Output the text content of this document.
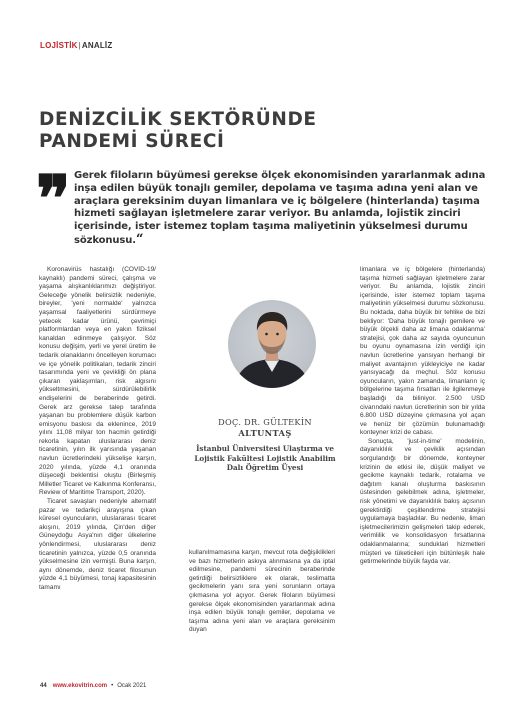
LOJİSTİK|ANALİZ
DENİZCİLİK SEKTÖRÜNDE
PANDEMİ SÜRECİ
❞ Gerek filoların büyümesi gerekse ölçek ekonomisinden yararlanmak adına inşa edilen büyük tonajlı gemiler, depolama ve taşıma adına yeni alan ve araçlara gereksinim duyan limanlara ve iç bölgelere (hinterlanda) taşıma hizmeti sağlayan işletmelere zarar veriyor. Bu anlamda, lojistik zinciri içerisinde, ister istemez toplam taşıma maliyetinin yükselmesi durumu sözkonusu.“

Koronavirüs hastalığı (COVID-19/ kaynaklı) pandemi süreci, çalışma ve yaşama alışkanlıklarımızı değiştiriyor. Geleceğe yönelik belirsizlik nedeniyle, bireyler, 'yeni normalde' yalnızca yaşamsal faaliyetlerini sürdürmeye yetecek kadar ürünü, çevrimiçi platformlardan veya en yakın fiziksel kanaldan edinmeye çalışıyor. Söz konusu değişim, yerli ve yerel üretim ile tedarik olanaklarını öncelleyen korumacı ve içe yönelik politikaları, tedarik zinciri tasarımında yeni ve çevikliği ön plana çıkaran yaklaşımları, risk algısını yükseltmesini, sürdürülebilirlik endişelerini de beraberinde getirdi. Gerek arz gerekse talep tarafında yaşanan bu problemlere düşük karbon emisyonu baskısı da eklenince, 2019 yılını 11,08 milyar ton hacmin getirdiği rekorla kapatan uluslararası deniz ticaretinin, yılın ilk yarısında yaşanan navlun ücretlerindeki yükselişe karşın, 2020 yılında, yüzde 4,1 oranında düşeceği beklentisi oluştu (Birleşmiş Milletler Ticaret ve Kalkınma Konferansı, Review of Maritime Transport, 2020).

Ticaret savaşları nedeniyle alternatif pazar ve tedarikçi arayışına çıkan küresel oyuncuların, uluslararası ticaret akışını, 2019 yılında, Çin'den diğer Güneydoğu Asya'nın diğer ülkelerine yönlendirmesi, uluslararası deniz ticaretinin yalnızca, yüzde 0,5 oranında yükselmesine izin vermişti. Buna karşın, aynı dönemde, deniz ticaret filosunun yüzde 4,1 büyümesi, tonaj kapasitesinin tamamı

DOÇ. DR. GÜLTEKİN
ALTUNTAŞ
İstanbul Üniversitesi Ulaştırma ve Lojistik Fakültesi Lojistik Anabilim Dalı Öğretim Üyesi

kullanılmamasına karşın, mevcut rota değişiklikleri ve bazı hizmetlerin askıya alınmasına ya da iptal edilmesine, pandemi sürecinin beraberinde getirdiği belirsizliklere ek olarak, teslimatta gecikmelerin yanı sıra yeni sorunların ortaya çıkmasına yol açıyor. Gerek filoların büyümesi gerekse ölçek ekonomisinden yararlanmak adına inşa edilen büyük tonajlı gemiler, depolama ve taşıma adına yeni alan ve araçlara gereksinim duyan

limanlara ve iç bölgelere (hinterlanda) taşıma hizmeti sağlayan işletmelere zarar veriyor. Bu anlamda, lojistik zinciri içerisinde, ister istemez toplam taşıma maliyetinin yükselmesi durumu sözkonusu. Bu noktada, daha büyük bir tehlike de bizi bekliyor: 'Daha büyük tonajlı gemilere ve büyük ölçekli daha az limana odaklanma' stratejisi, çok daha az sayıda oyuncunun bu oyunu oynamasına izin verdiği için navlun ücretlerine yansıyan herhangi bir maliyet avantajının yükleyiciye ne kadar yansıyacağı da meçhul. Söz konusu oyuncuların, yakın zamanda, limanların iç bölgelerine taşıma fırsatları ile ilgilenmeye başladığı da biliniyor. 2.500 USD civarındaki navlun ücretlerinin son bir yılda 6.800 USD düzeyine çıkmasına yol açan ve henüz bir çözümün bulunamadığı konteyner krizi de cabası.

Sonuçta, 'just-in-time' modelinin, dayanıklılık ve çeviklik açısından sorgulandığı bir dönemde, konteyner krizinin de etkisi ile, düşük maliyet ve gecikme kaynaklı tedarik, rotalama ve dağıtım kanalı oluşturma baskısının üstesinden gelebilmek adına, işletmeler, risk yönetimi ve dayanıklılık bakış açısının gerektirdiği çeşitlendirme stratejisi uygulamaya başladılar. Bu nedenle, liman işletmecilerimizin gelişmeleri takip ederek, verimlilik ve konsolidasyon fırsatlarına odaklanmalarına; sunduklari hizmetleri müşteri ve tüketicileri için bütünleşik hale getirmelerinde büyük fayda var.

44 www.ekovitrin.com • Ocak 2021
